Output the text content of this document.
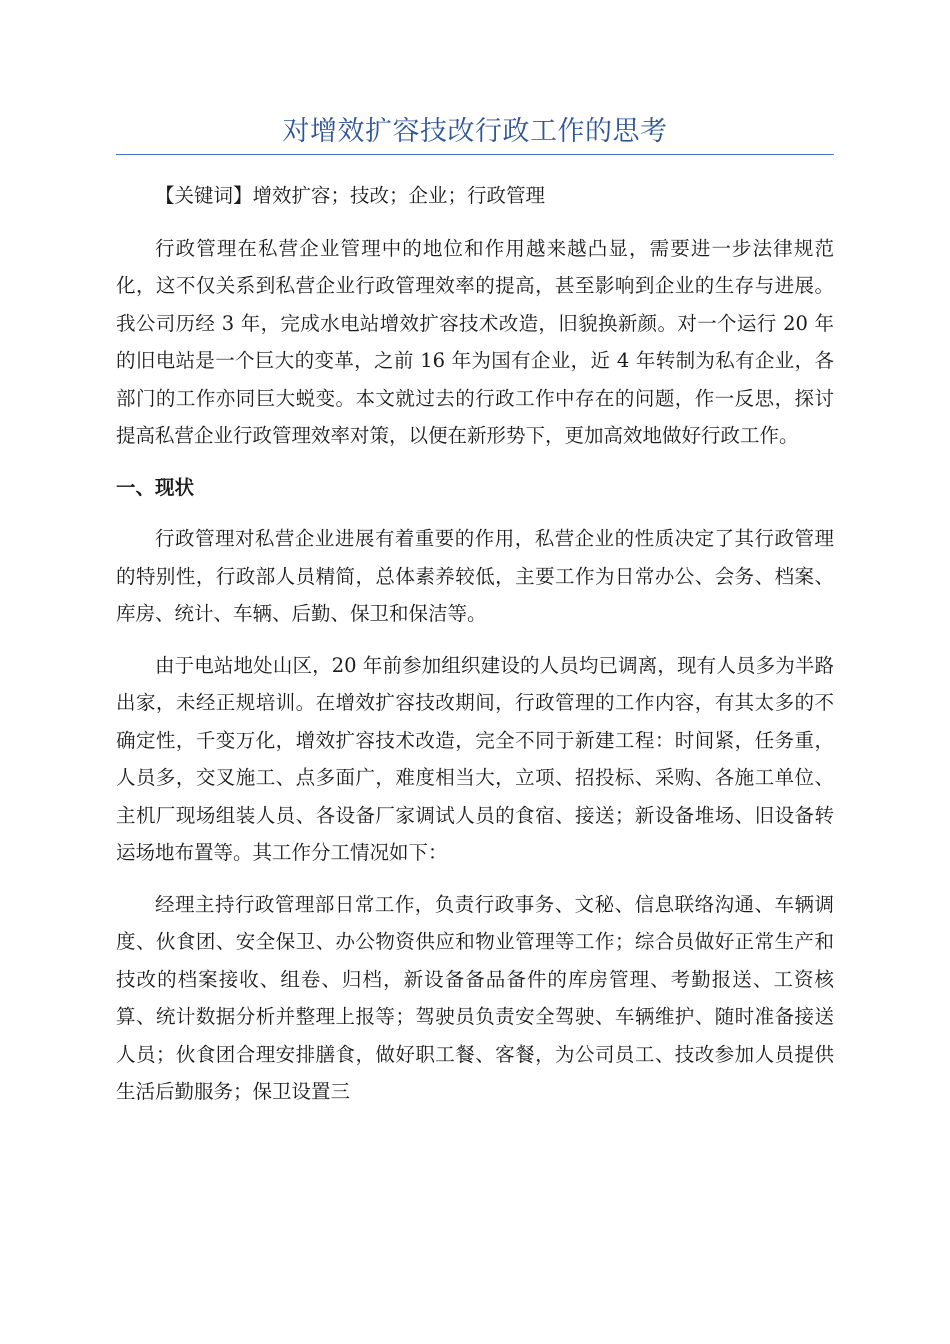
对增效扩容技改行政工作的思考

【关键词】增效扩容；技改；企业；行政管理

行政管理在私营企业管理中的地位和作用越来越凸显，需要进一步法律规范化，这不仅关系到私营企业行政管理效率的提高，甚至影响到企业的生存与进展。我公司历经 3 年，完成水电站增效扩容技术改造，旧貌换新颜。对一个运行 20 年的旧电站是一个巨大的变革，之前 16 年为国有企业，近 4 年转制为私有企业，各部门的工作亦同巨大蜕变。本文就过去的行政工作中存在的问题，作一反思，探讨提高私营企业行政管理效率对策，以便在新形势下，更加高效地做好行政工作。

一、现状

行政管理对私营企业进展有着重要的作用，私营企业的性质决定了其行政管理的特别性，行政部人员精简，总体素养较低，主要工作为日常办公、会务、档案、库房、统计、车辆、后勤、保卫和保洁等。

由于电站地处山区，20 年前参加组织建设的人员均已调离，现有人员多为半路出家，未经正规培训。在增效扩容技改期间，行政管理的工作内容，有其太多的不确定性，千变万化，增效扩容技术改造，完全不同于新建工程：时间紧，任务重，人员多，交叉施工、点多面广，难度相当大，立项、招投标、采购、各施工单位、主机厂现场组装人员、各设备厂家调试人员的食宿、接送；新设备堆场、旧设备转运场地布置等。其工作分工情况如下：

经理主持行政管理部日常工作，负责行政事务、文秘、信息联络沟通、车辆调度、伙食团、安全保卫、办公物资供应和物业管理等工作；综合员做好正常生产和技改的档案接收、组卷、归档，新设备备品备件的库房管理、考勤报送、工资核算、统计数据分析并整理上报等；驾驶员负责安全驾驶、车辆维护、随时准备接送人员；伙食团合理安排膳食，做好职工餐、客餐，为公司员工、技改参加人员提供生活后勤服务；保卫设置三
